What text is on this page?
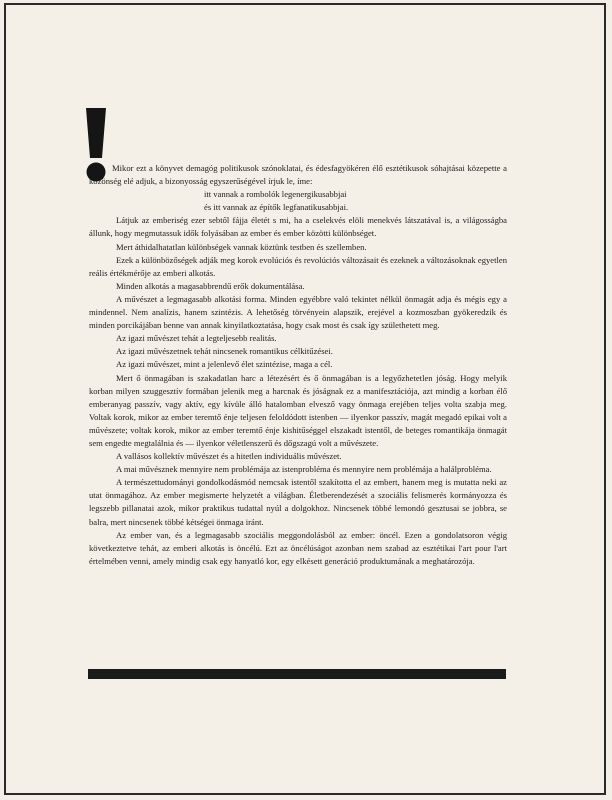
Mikor ezt a könyvet demagóg politikusok szónoklatai, és édesfagyökéren élő esztétikusok sóhajtásai közepette a közönség elé adjuk, a bizonyosság egyszerűségével írjuk le, íme:

itt vannak a rombolók legenergikusabbjai

és itt vannak az építők legfanatikusabbjai.

Látjuk az emberiség ezer sebtől fájja életét s mi, ha a cselekvés elöli menekvés látszatával is, a világosságba állunk, hogy megmutassuk idők folyásában az ember és ember közötti különbséget.

Mert áthidalhatatlan különbségek vannak köztünk testben és szellemben.

Ezek a különbözőségek adják meg korok evolúciós és revolúciós változásait és ezeknek a változásoknak egyetlen reális értékmérője az emberi alkotás.

Minden alkotás a magasabbrendű erők dokumentálása.

A művészet a legmagasabb alkotási forma. Minden egyébbre való tekintet nélkül önmagát adja és mégis egy a mindennel. Nem analízis, hanem szintézis. A lehetőség törvényein alapszik, erejével a kozmoszban gyökeredzik és minden porcikájában benne van annak kinyilatkoztatása, hogy csak most és csak így születhetett meg.

Az igazi művészet tehát a legteljesebb realitás.

Az igazi művészetnek tehát nincsenek romantikus célkitűzései.

Az igazi művészet, mint a jelenlevő élet szintézise, maga a cél.

Mert ő önmagában is szakadatlan harc a létezésért és ő önmagában is a legyőzhetetlen jóság. Hogy melyik korban milyen szuggesztív formában jelenik meg a harcnak és jóságnak ez a manifesztációja, azt mindig a korban élő emberanyag passzív, vagy aktív, egy kívüle álló hatalomban elvesző vagy önmaga erejében teljes volta szabja meg. Voltak korok, mikor az ember teremtő énje teljesen feloldódott istenben — ilyenkor passzív, magát megadó epikai volt a művészete; voltak korok, mikor az ember teremtő énje kishitűséggel elszakadt istentől, de beteges romantikája önmagát sem engedte megtalálnia és — ilyenkor véletlenszerű és dőgszagú volt a művészete.

A vallásos kollektív művészet és a hitetlen individuális művészet.

A mai művésznek mennyire nem problémája az istenprobléma és mennyire nem problémája a halálprobléma.

A természettudományi gondolkodásmód nemcsak istentől szakította el az embert, hanem meg is mutatta neki az utat önmagához. Az ember megismerte helyzetét a világban. Életberendezését a szociális felismerés kormányozza és legszebb pillanatai azok, mikor praktikus tudattal nyúl a dolgokhoz. Nincsenek többé lemondó gesztusai se jobbra, se balra, mert nincsenek többé kétségei önmaga iránt.

Az ember van, és a legmagasabb szociális meggondolásból az ember: öncél. Ezen a gondolatsoron végig következtetve tehát, az emberi alkotás is öncélú. Ezt az öncélúságot azonban nem szabad az esztétikai l'art pour l'art értelmében venni, amely mindig csak egy hanyatló kor, egy elkésett generáció produktumának a meghatározója.
